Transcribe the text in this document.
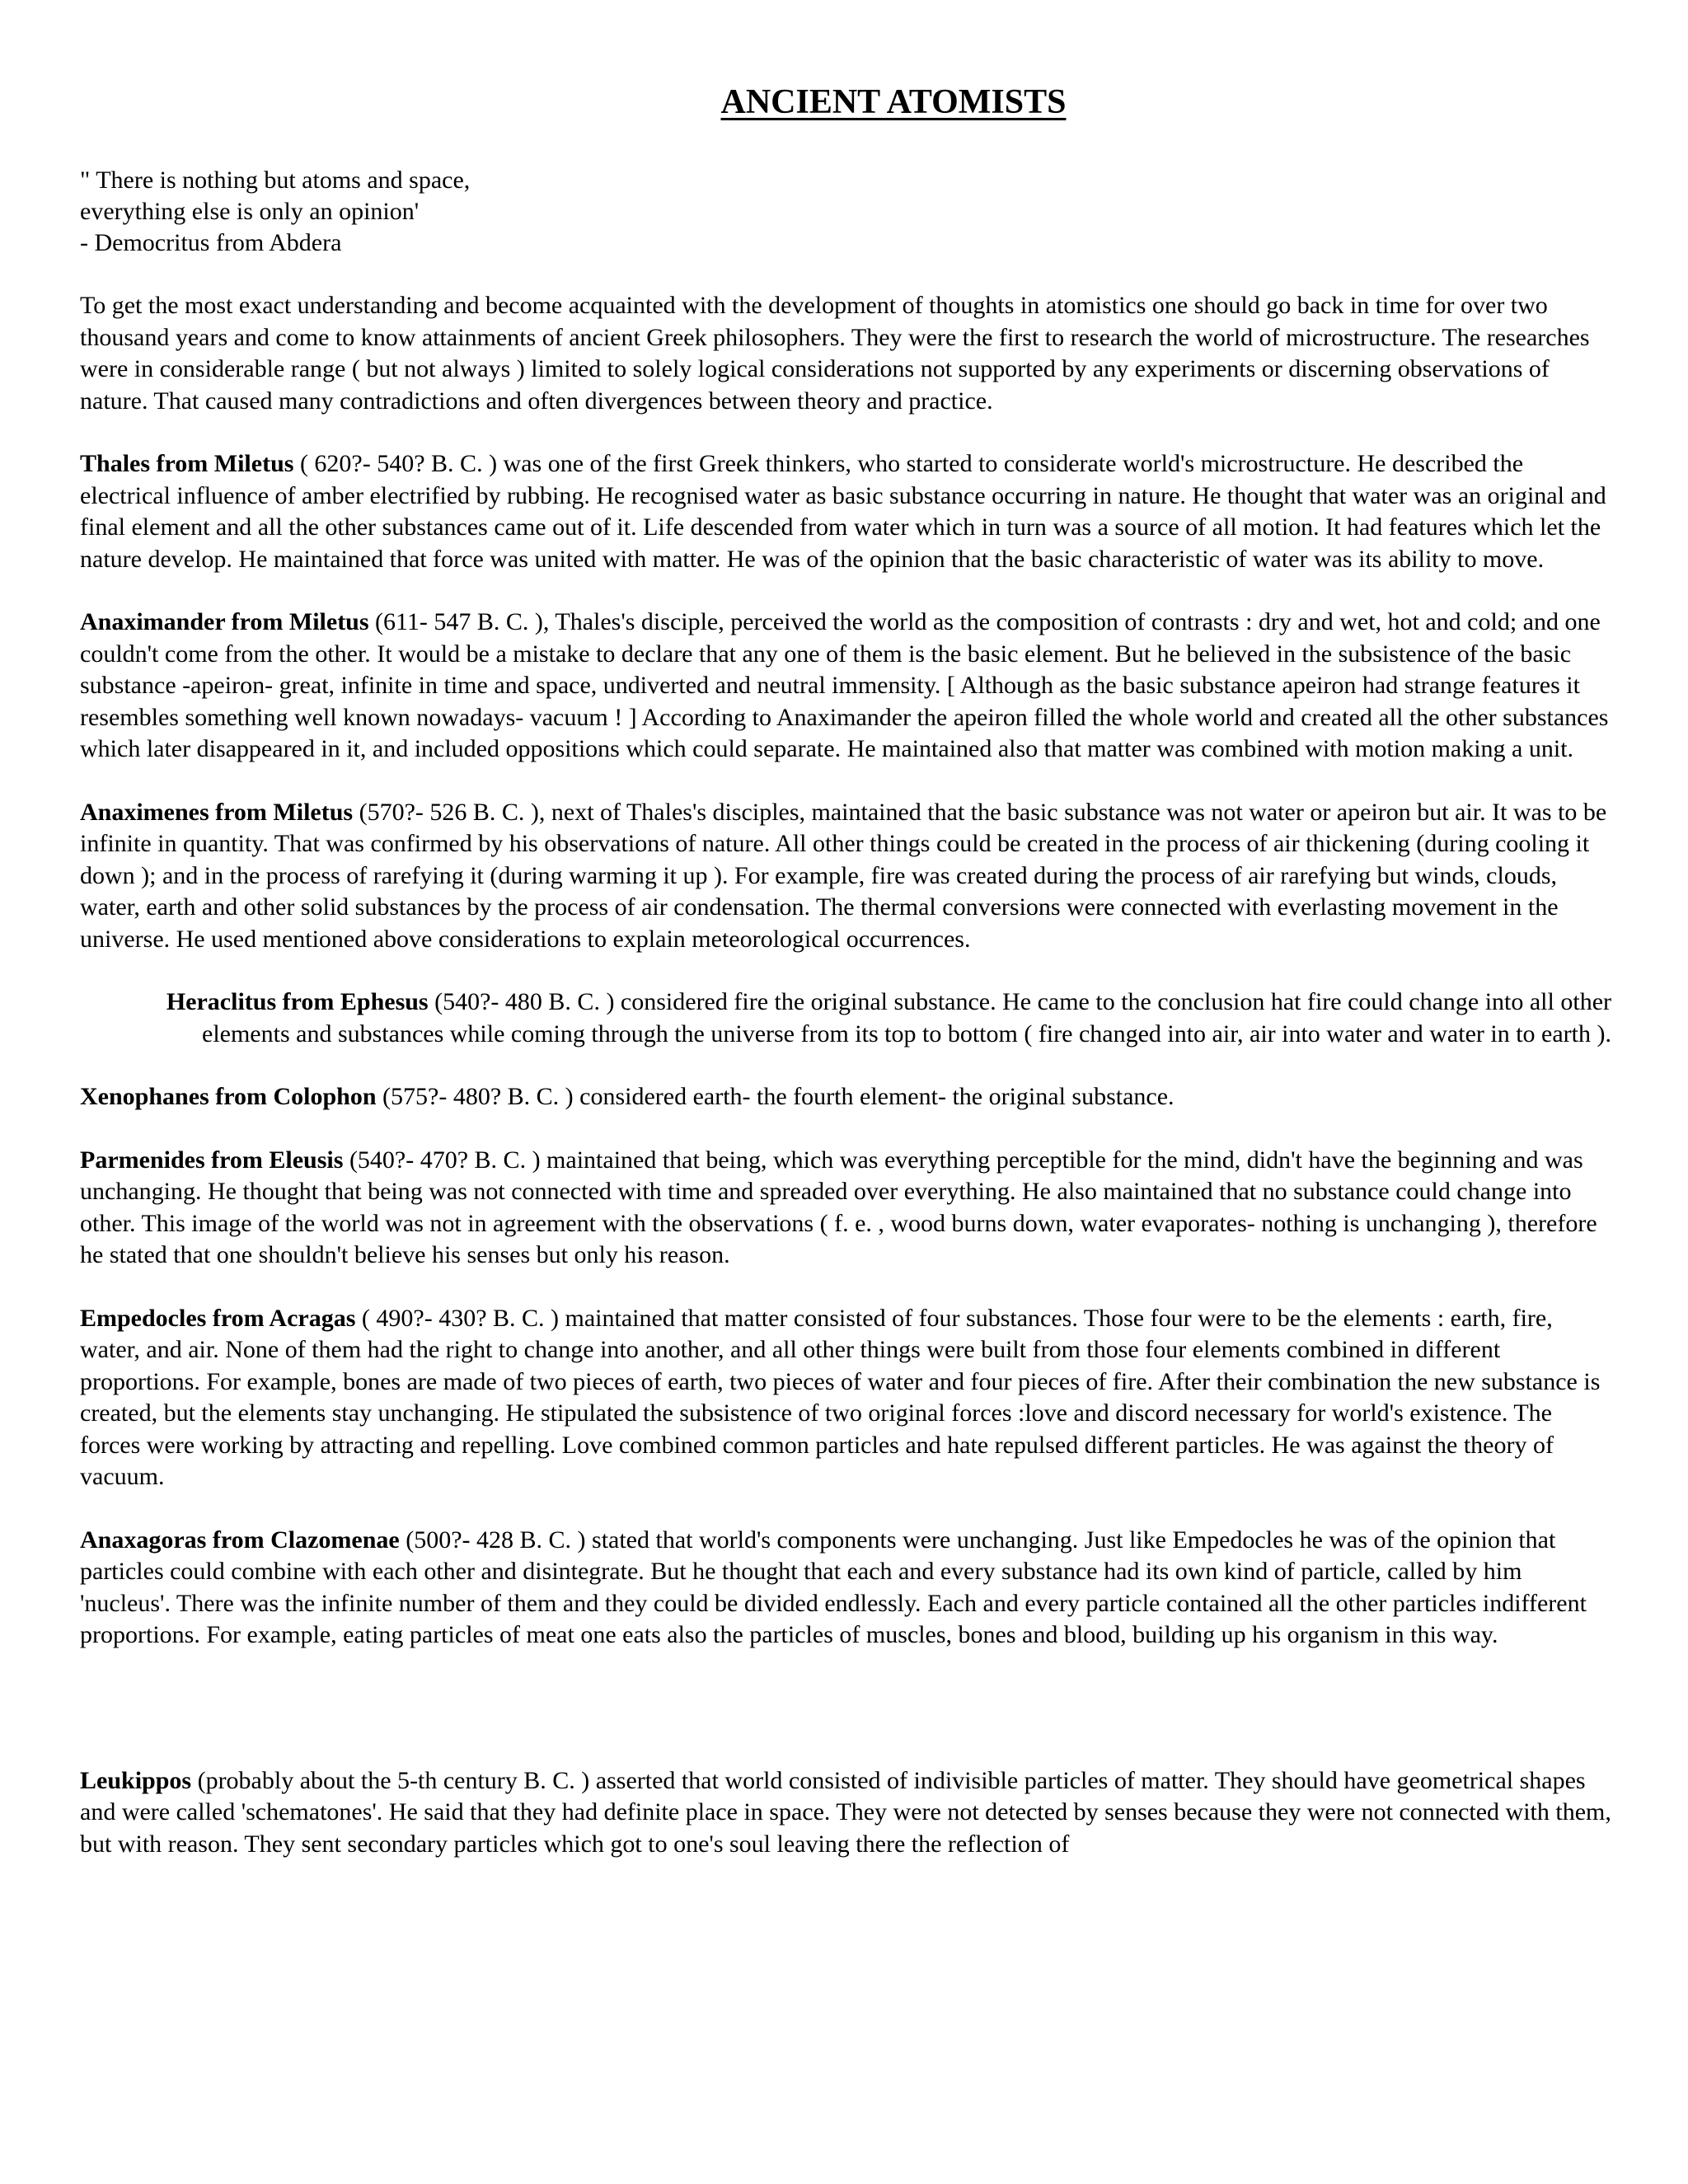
ANCIENT ATOMISTS
" There is nothing but atoms and space,
everything else is only an opinion'
- Democritus from Abdera

To get the most exact understanding and become acquainted with the development of thoughts in atomistics one should go back in time for over two thousand years and come to know attainments of ancient Greek philosophers. They were the first to research the world of microstructure. The researches were in considerable range ( but not always ) limited to solely logical considerations not supported by any experiments or discerning observations of nature. That caused many contradictions and often divergences between theory and practice.

Thales from Miletus ( 620?- 540? B. C. ) was one of the first Greek thinkers, who started to considerate world's microstructure. He described the electrical influence of amber electrified by rubbing. He recognised water as basic substance occurring in nature. He thought that water was an original and final element and all the other substances came out of it. Life descended from water which in turn was a source of all motion. It had features which let the nature develop. He maintained that force was united with matter. He was of the opinion that the basic characteristic of water was its ability to move.

Anaximander from Miletus (611- 547 B. C. ), Thales's disciple, perceived the world as the composition of contrasts : dry and wet, hot and cold; and one couldn't come from the other. It would be a mistake to declare that any one of them is the basic element. But he believed in the subsistence of the basic substance -apeiron- great, infinite in time and space, undiverted and neutral immensity. [ Although as the basic substance apeiron had strange features it resembles something well known nowadays- vacuum ! ] According to Anaximander the apeiron filled the whole world and created all the other substances which later disappeared in it, and included oppositions which could separate. He maintained also that matter was combined with motion making a unit.

Anaximenes from Miletus (570?- 526 B. C. ), next of Thales's disciples, maintained that the basic substance was not water or apeiron but air. It was to be infinite in quantity. That was confirmed by his observations of nature. All other things could be created in the process of air thickening (during cooling it down ); and in the process of rarefying it (during warming it up ). For example, fire was created during the process of air rarefying but winds, clouds, water, earth and other solid substances by the process of air condensation. The thermal conversions were connected with everlasting movement in the universe. He used mentioned above considerations to explain meteorological occurrences.

Heraclitus from Ephesus (540?- 480 B. C. ) considered fire the original substance. He came to the conclusion hat fire could change into all other elements and substances while coming through the universe from its top to bottom ( fire changed into air, air into water and water in to earth ).

Xenophanes from Colophon (575?- 480? B. C. ) considered earth- the fourth element- the original substance.

Parmenides from Eleusis (540?- 470? B. C. ) maintained that being, which was everything perceptible for the mind, didn't have the beginning and was unchanging. He thought that being was not connected with time and spreaded over everything. He also maintained that no substance could change into other. This image of the world was not in agreement with the observations ( f. e. , wood burns down, water evaporates- nothing is unchanging ), therefore he stated that one shouldn't believe his senses but only his reason.

Empedocles from Acragas ( 490?- 430? B. C. ) maintained that matter consisted of four substances. Those four were to be the elements : earth, fire, water, and air. None of them had the right to change into another, and all other things were built from those four elements combined in different proportions. For example, bones are made of two pieces of earth, two pieces of water and four pieces of fire. After their combination the new substance is created, but the elements stay unchanging. He stipulated the subsistence of two original forces :love and discord necessary for world's existence. The forces were working by attracting and repelling. Love combined common particles and hate repulsed different particles. He was against the theory of vacuum.

Anaxagoras from Clazomenae (500?- 428 B. C. ) stated that world's components were unchanging. Just like Empedocles he was of the opinion that particles could combine with each other and disintegrate. But he thought that each and every substance had its own kind of particle, called by him 'nucleus'. There was the infinite number of them and they could be divided endlessly. Each and every particle contained all the other particles indifferent proportions. For example, eating particles of meat one eats also the particles of muscles, bones and blood, building up his organism in this way.

Leukippos (probably about the 5-th century B. C. ) asserted that world consisted of indivisible particles of matter. They should have geometrical shapes and were called 'schematones'. He said that they had definite place in space. They were not detected by senses because they were not connected with them, but with reason. They sent secondary particles which got to one's soul leaving there the reflection of
